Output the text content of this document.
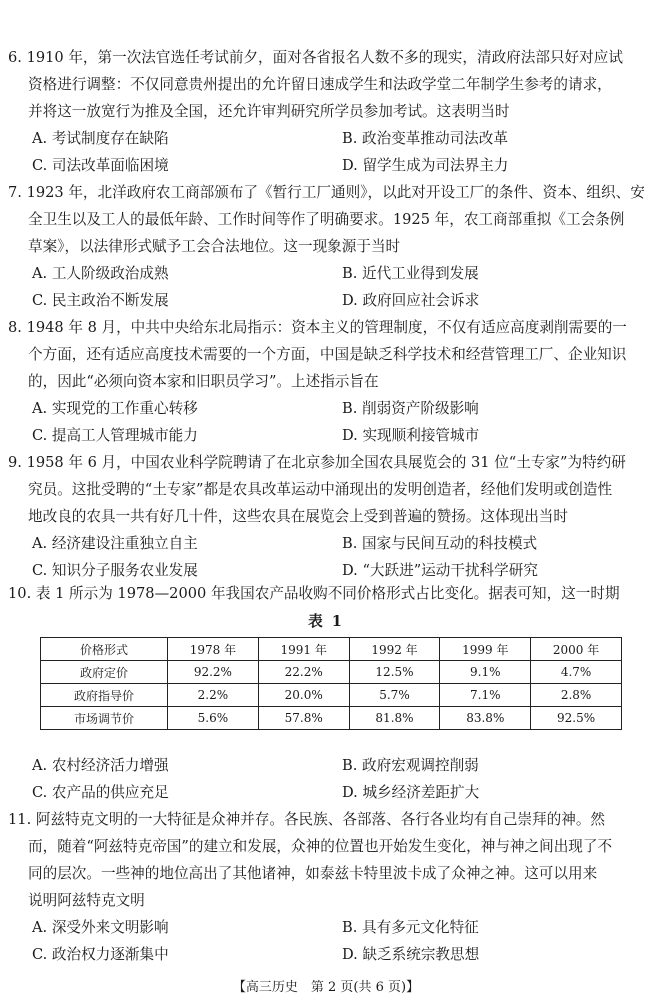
6. 1910 年，第一次法官选任考试前夕，面对各省报名人数不多的现实，清政府法部只好对应试
资格进行调整：不仅同意贵州提出的允许留日速成学生和法政学堂二年制学生参考的请求，
并将这一放宽行为推及全国，还允许审判研究所学员参加考试。这表明当时
A. 考试制度存在缺陷	B. 政治变革推动司法改革
C. 司法改革面临困境	D. 留学生成为司法界主力
7. 1923 年，北洋政府农工商部颁布了《暂行工厂通则》，以此对开设工厂的条件、资本、组织、安
全卫生以及工人的最低年龄、工作时间等作了明确要求。1925 年，农工商部重拟《工会条例
草案》，以法律形式赋予工会合法地位。这一现象源于当时
A. 工人阶级政治成熟	B. 近代工业得到发展
C. 民主政治不断发展	D. 政府回应社会诉求
8. 1948 年 8 月，中共中央给东北局指示：资本主义的管理制度，不仅有适应高度剥削需要的一
个方面，还有适应高度技术需要的一个方面，中国是缺乏科学技术和经营管理工厂、企业知识
的，因此“必须向资本家和旧职员学习”。上述指示旨在
A. 实现党的工作重心转移	B. 削弱资产阶级影响
C. 提高工人管理城市能力	D. 实现顺利接管城市
9. 1958 年 6 月，中国农业科学院聘请了在北京参加全国农具展览会的 31 位“土专家”为特约研
究员。这批受聘的“土专家”都是农具改革运动中涌现出的发明创造者，经他们发明或创造性
地改良的农具一共有好几十件，这些农具在展览会上受到普遍的赞扬。这体现出当时
A. 经济建设注重独立自主	B. 国家与民间互动的科技模式
C. 知识分子服务农业发展	D. “大跃进”运动干扰科学研究
10. 表 1 所示为 1978—2000 年我国农产品收购不同价格形式占比变化。据表可知，这一时期
表 1
价格形式	1978 年	1991 年	1992 年	1999 年	2000 年
政府定价	92.2%	22.2%	12.5%	9.1%	4.7%
政府指导价	2.2%	20.0%	5.7%	7.1%	2.8%
市场调节价	5.6%	57.8%	81.8%	83.8%	92.5%
A. 农村经济活力增强	B. 政府宏观调控削弱
C. 农产品的供应充足	D. 城乡经济差距扩大
11. 阿兹特克文明的一大特征是众神并存。各民族、各部落、各行各业均有自己崇拜的神。然
而，随着“阿兹特克帝国”的建立和发展，众神的位置也开始发生变化，神与神之间出现了不
同的层次。一些神的地位高出了其他诸神，如泰兹卡特里波卡成了众神之神。这可以用来
说明阿兹特克文明
A. 深受外来文明影响	B. 具有多元文化特征
C. 政治权力逐渐集中	D. 缺乏系统宗教思想
【高三历史　第 2 页(共 6 页)】
